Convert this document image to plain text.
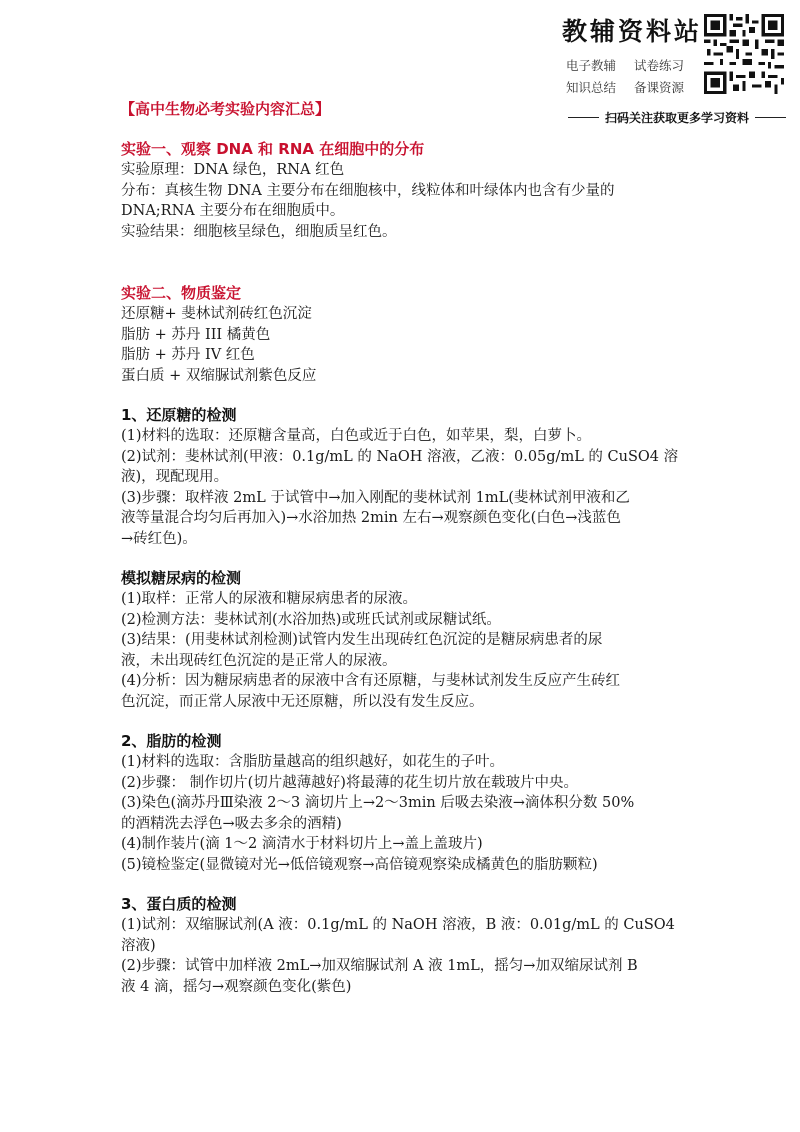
教辅资料站
电子教辅	试卷练习
知识总结	备课资源
扫码关注获取更多学习资料
【高中生物必考实验内容汇总】
实验一、观察 DNA 和 RNA 在细胞中的分布
实验原理：DNA 绿色，RNA 红色
分布：真核生物 DNA 主要分布在细胞核中，线粒体和叶绿体内也含有少量的
DNA;RNA 主要分布在细胞质中。
实验结果：细胞核呈绿色，细胞质呈红色。
实验二、物质鉴定
还原糖+ 斐林试剂砖红色沉淀
脂肪 + 苏丹 III 橘黄色
脂肪 + 苏丹 IV 红色
蛋白质 + 双缩脲试剂紫色反应
1、还原糖的检测
(1)材料的选取：还原糖含量高，白色或近于白色，如苹果，梨，白萝卜。
(2)试剂：斐林试剂(甲液：0.1g/mL 的 NaOH 溶液，乙液：0.05g/mL 的 CuSO4 溶
液)，现配现用。
(3)步骤：取样液 2mL 于试管中→加入刚配的斐林试剂 1mL(斐林试剂甲液和乙
液等量混合均匀后再加入)→水浴加热 2min 左右→观察颜色变化(白色→浅蓝色
→砖红色)。
模拟糖尿病的检测
(1)取样：正常人的尿液和糖尿病患者的尿液。
(2)检测方法：斐林试剂(水浴加热)或班氏试剂或尿糖试纸。
(3)结果：(用斐林试剂检测)试管内发生出现砖红色沉淀的是糖尿病患者的尿
液，未出现砖红色沉淀的是正常人的尿液。
(4)分析：因为糖尿病患者的尿液中含有还原糖，与斐林试剂发生反应产生砖红
色沉淀，而正常人尿液中无还原糖，所以没有发生反应。
2、脂肪的检测
(1)材料的选取：含脂肪量越高的组织越好，如花生的子叶。
(2)步骤： 制作切片(切片越薄越好)将最薄的花生切片放在载玻片中央。
(3)染色(滴苏丹Ⅲ染液 2～3 滴切片上→2～3min 后吸去染液→滴体积分数 50%
的酒精洗去浮色→吸去多余的酒精)
(4)制作装片(滴 1～2 滴清水于材料切片上→盖上盖玻片)
(5)镜检鉴定(显微镜对光→低倍镜观察→高倍镜观察染成橘黄色的脂肪颗粒)
3、蛋白质的检测
(1)试剂：双缩脲试剂(A 液：0.1g/mL 的 NaOH 溶液，B 液：0.01g/mL 的 CuSO4
溶液)
(2)步骤：试管中加样液 2mL→加双缩脲试剂 A 液 1mL，摇匀→加双缩尿试剂 B
液 4 滴，摇匀→观察颜色变化(紫色)
